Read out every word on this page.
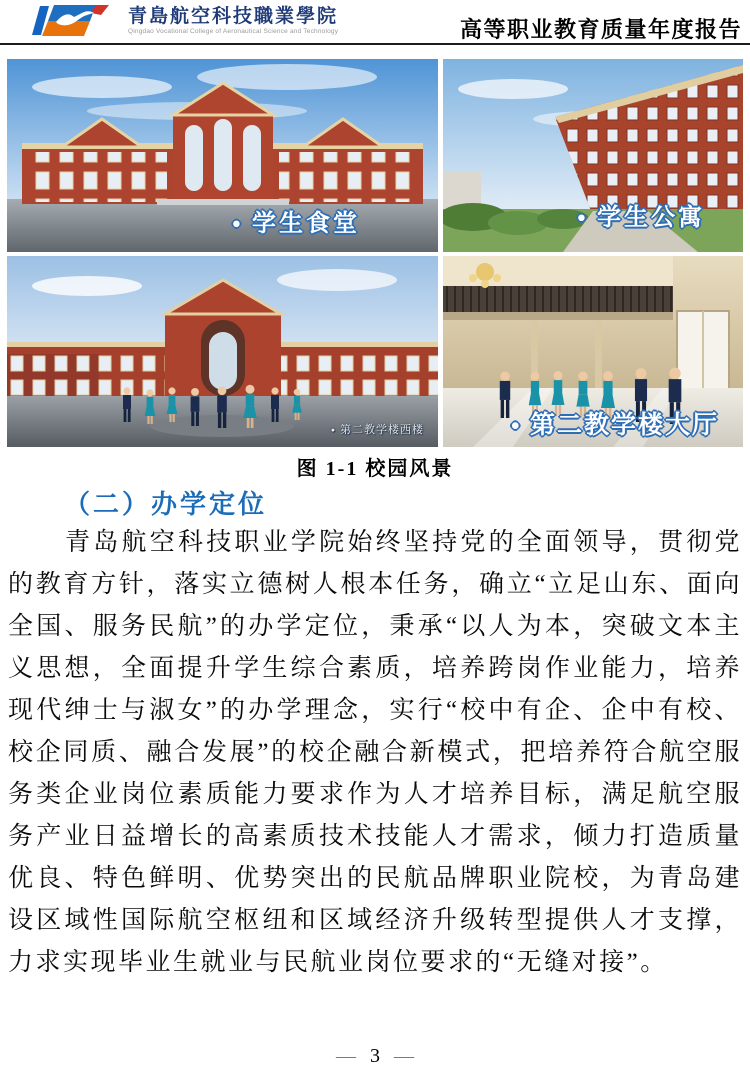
青島航空科技職業學院
Qingdao Vocational College of Aeronautical Science and Technology	高等职业教育质量年度报告
● 学生食堂	● 学生公寓
● 第二教学楼西楼	● 第二教学楼大厅
图 1-1 校园风景
（二）办学定位
青岛航空科技职业学院始终坚持党的全面领导，贯彻党的教育方针，落实立德树人根本任务，确立“立足山东、面向全国、服务民航”的办学定位，秉承“以人为本，突破文本主义思想，全面提升学生综合素质，培养跨岗作业能力，培养现代绅士与淑女”的办学理念，实行“校中有企、企中有校、校企同质、融合发展”的校企融合新模式，把培养符合航空服务类企业岗位素质能力要求作为人才培养目标，满足航空服务产业日益增长的高素质技术技能人才需求，倾力打造质量优良、特色鲜明、优势突出的民航品牌职业院校，为青岛建设区域性国际航空枢纽和区域经济升级转型提供人才支撑，力求实现毕业生就业与民航业岗位要求的“无缝对接”。
— 3 —
